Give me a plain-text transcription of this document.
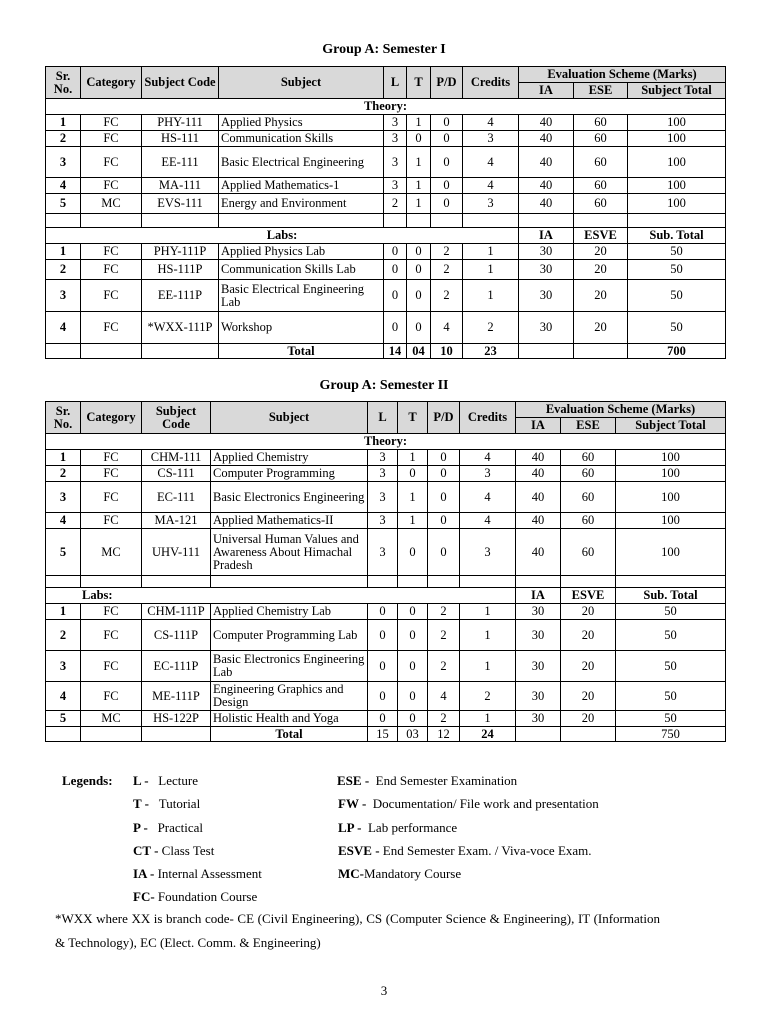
Group A: Semester I
Sr. No.	Category	Subject Code	Subject	L	T	P/D	Credits	Evaluation Scheme (Marks)		
								IA	ESE	Subject Total
Theory:										
1	FC	PHY-111	Applied Physics	3	1	0	4	40	60	100
2	FC	HS-111	Communication Skills	3	0	0	3	40	60	100
3	FC	EE-111	Basic Electrical Engineering	3	1	0	4	40	60	100
4	FC	MA-111	Applied Mathematics-1	3	1	0	4	40	60	100
5	MC	EVS-111	Energy and Environment	2	1	0	3	40	60	100

Labs:								IA	ESVE	Sub. Total
1	FC	PHY-111P	Applied Physics Lab	0	0	2	1	30	20	50
2	FC	HS-111P	Communication Skills Lab	0	0	2	1	30	20	50
3	FC	EE-111P	Basic Electrical Engineering Lab	0	0	2	1	30	20	50
4	FC	*WXX-111P	Workshop	0	0	4	2	30	20	50
			Total	14	04	10	23			700
Group A: Semester II
Sr. No.	Category	Subject Code	Subject	L	T	P/D	Credits	Evaluation Scheme (Marks)		
								IA	ESE	Subject Total
Theory:										
1	FC	CHM-111	Applied Chemistry	3	1	0	4	40	60	100
2	FC	CS-111	Computer Programming	3	0	0	3	40	60	100
3	FC	EC-111	Basic Electronics Engineering	3	1	0	4	40	60	100
4	FC	MA-121	Applied Mathematics-II	3	1	0	4	40	60	100
5	MC	UHV-111	Universal Human Values and Awareness About Himachal Pradesh	3	0	0	3	40	60	100

Labs:								IA	ESVE	Sub. Total
1	FC	CHM-111P	Applied Chemistry Lab	0	0	2	1	30	20	50
2	FC	CS-111P	Computer Programming Lab	0	0	2	1	30	20	50
3	FC	EC-111P	Basic Electronics Engineering Lab	0	0	2	1	30	20	50
4	FC	ME-111P	Engineering Graphics and Design	0	0	4	2	30	20	50
5	MC	HS-122P	Holistic Health and Yoga	0	0	2	1	30	20	50
			Total	15	03	12	24			750
Legends: L - Lecture
T - Tutorial
P - Practical
CT - Class Test
IA - Internal Assessment
FC- Foundation Course
ESE - End Semester Examination
FW - Documentation/ File work and presentation
LP - Lab performance
ESVE - End Semester Exam. / Viva-voce Exam.
MC-Mandatory Course
*WXX where XX is branch code- CE (Civil Engineering), CS (Computer Science & Engineering), IT (Information & Technology), EC (Elect. Comm. & Engineering)
3
